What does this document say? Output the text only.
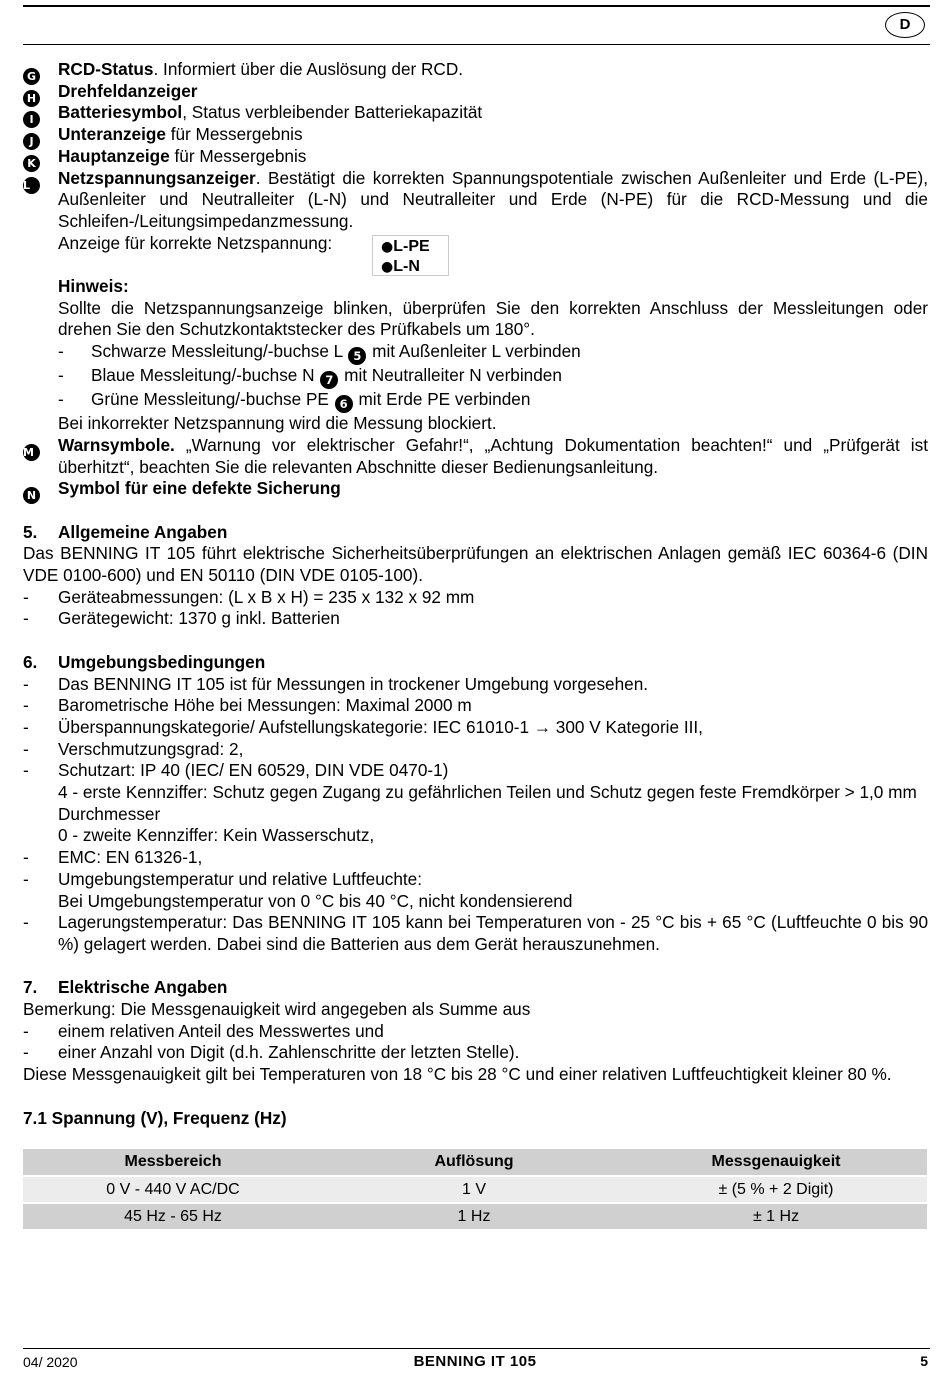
D
G RCD-Status. Informiert über die Auslösung der RCD.
H Drehfeldanzeiger
I	Batteriesymbol, Status verbleibender Batteriekapazität
J	Unteranzeige für Messergebnis
K Hauptanzeige für Messergebnis
L	Netzspannungsanzeiger. Bestätigt die korrekten Spannungspotentiale zwischen Außenleiter und Erde (L-PE), Außenleiter und Neutralleiter (L-N) und Neutralleiter und Erde (N-PE) für die RCD-Messung und die Schleifen-/Leitungsimpedanzmessung.
Anzeige für korrekte Netzspannung:	●L-PE
●L-N
Hinweis:
Sollte die Netzspannungsanzeige blinken, überprüfen Sie den korrekten Anschluss der Messleitungen oder drehen Sie den Schutzkontaktstecker des Prüfkabels um 180°.
- Schwarze Messleitung/-buchse L 5 mit Außenleiter L verbinden
- Blaue Messleitung/-buchse N 7 mit Neutralleiter N verbinden
- Grüne Messleitung/-buchse PE 6 mit Erde PE verbinden
Bei inkorrekter Netzspannung wird die Messung blockiert.
M	Warnsymbole. „Warnung vor elektrischer Gefahr!“, „Achtung Dokumentation beachten!“ und „Prüfgerät ist überhitzt“, beachten Sie die relevanten Abschnitte dieser Bedienungsanleitung.
N Symbol für eine defekte Sicherung
5. Allgemeine Angaben
Das BENNING IT 105 führt elektrische Sicherheitsüberprüfungen an elektrischen Anlagen gemäß IEC 60364-6 (DIN VDE 0100-600) und EN 50110 (DIN VDE 0105-100).
- Geräteabmessungen: (L x B x H) = 235 x 132 x 92 mm
- Gerätegewicht: 1370 g inkl. Batterien
6. Umgebungsbedingungen
- Das BENNING IT 105 ist für Messungen in trockener Umgebung vorgesehen.
- Barometrische Höhe bei Messungen: Maximal 2000 m
- Überspannungskategorie/ Aufstellungskategorie: IEC 61010-1 → 300 V Kategorie III,
- Verschmutzungsgrad: 2,
- Schutzart: IP 40 (IEC/ EN 60529, DIN VDE 0470-1)
4 - erste Kennziffer: Schutz gegen Zugang zu gefährlichen Teilen und Schutz gegen feste Fremdkörper > 1,0 mm Durchmesser
0 - zweite Kennziffer: Kein Wasserschutz,
- EMC: EN 61326-1,
- Umgebungstemperatur und relative Luftfeuchte:
Bei Umgebungstemperatur von 0 °C bis 40 °C, nicht kondensierend
- Lagerungstemperatur: Das BENNING IT 105 kann bei Temperaturen von - 25 °C bis + 65 °C (Luftfeuchte 0 bis 90 %) gelagert werden. Dabei sind die Batterien aus dem Gerät herauszunehmen.
7. Elektrische Angaben
Bemerkung: Die Messgenauigkeit wird angegeben als Summe aus
- einem relativen Anteil des Messwertes und
- einer Anzahl von Digit (d.h. Zahlenschritte der letzten Stelle).
Diese Messgenauigkeit gilt bei Temperaturen von 18 °C bis 28 °C und einer relativen Luftfeuchtigkeit kleiner 80 %.
7.1 Spannung (V), Frequenz (Hz)
Messbereich	Auflösung	Messgenauigkeit
0 V - 440 V AC/DC	1 V	± (5 % + 2 Digit)
45 Hz - 65 Hz	1 Hz	± 1 Hz
04/ 2020	BENNING IT 105	5
